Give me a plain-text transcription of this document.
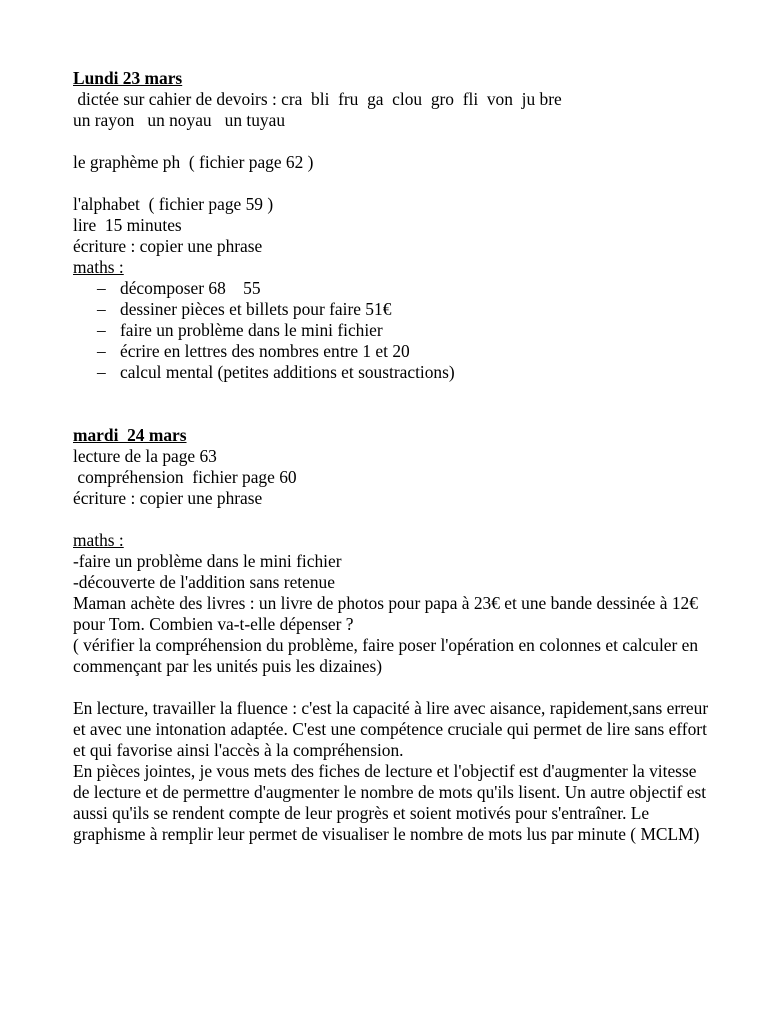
Lundi 23 mars
dictée sur cahier de devoirs : cra  bli  fru  ga  clou  gro  fli  von  ju bre
un rayon   un noyau   un tuyau
le graphème ph  ( fichier page 62 )
l'alphabet  ( fichier page 59 )
lire  15 minutes
écriture : copier une phrase
maths :
– décomposer 68    55
– dessiner pièces et billets pour faire 51€
– faire un problème dans le mini fichier
– écrire en lettres des nombres entre 1 et 20
– calcul mental (petites additions et soustractions)
mardi  24 mars
lecture de la page 63
compréhension  fichier page 60
écriture : copier une phrase
maths :
-faire un problème dans le mini fichier
-découverte de l'addition sans retenue
Maman achète des livres : un livre de photos pour papa à 23€ et une bande dessinée à 12€ pour Tom. Combien va-t-elle dépenser ?
( vérifier la compréhension du problème, faire poser l'opération en colonnes et calculer en commençant par les unités puis les dizaines)
En lecture, travailler la fluence : c'est la capacité à lire avec aisance, rapidement,sans erreur et avec une intonation adaptée. C'est une compétence cruciale qui permet de lire sans effort et qui favorise ainsi l'accès à la compréhension.
En pièces jointes, je vous mets des fiches de lecture et l'objectif est d'augmenter la vitesse de lecture et de permettre d'augmenter le nombre de mots qu'ils lisent. Un autre objectif est aussi qu'ils se rendent compte de leur progrès et soient motivés pour s'entraîner. Le graphisme à remplir leur permet de visualiser le nombre de mots lus par minute ( MCLM)
